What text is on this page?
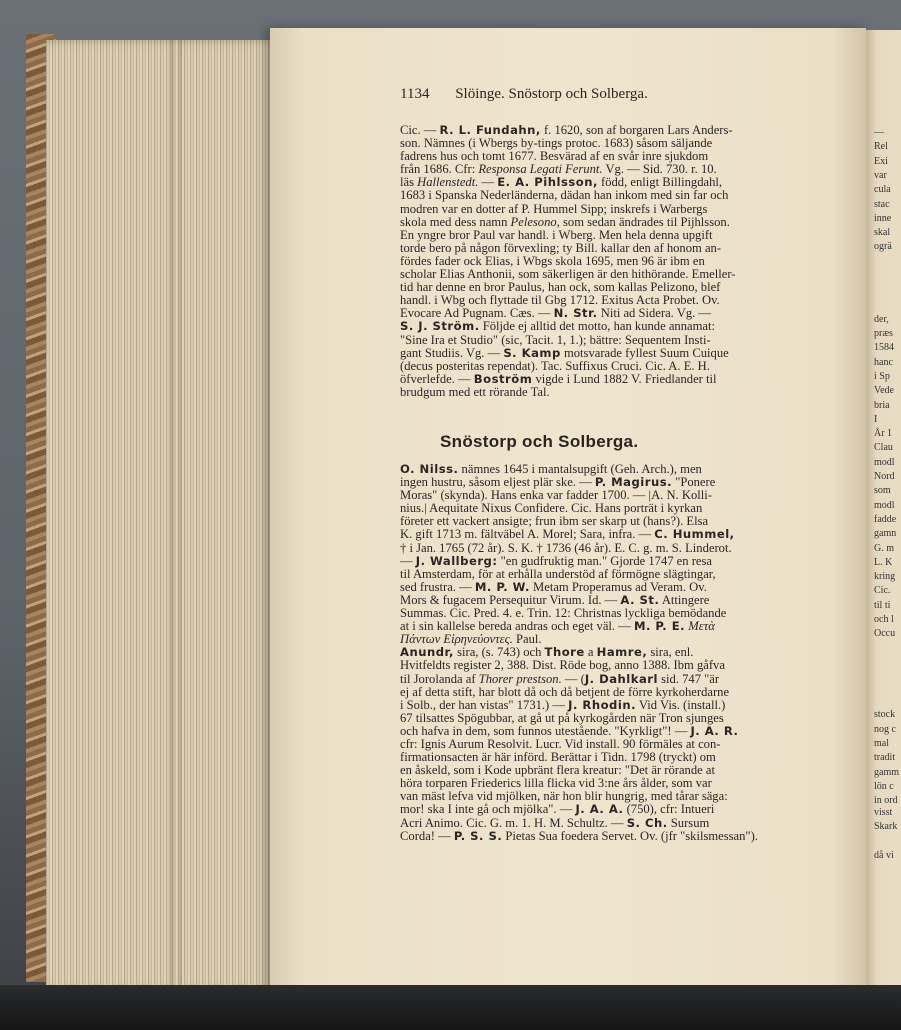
1134 Slöinge. Snöstorp och Solberga.
Cic. — R. L. Fundahn, f. 1620, son af borgaren Lars Anders-
son. Nämnes (i Wbergs by-tings protoc. 1683) såsom säljande
fadrens hus och tomt 1677. Besvärad af en svår inre sjukdom
från 1686. Cfr: Responsa Legati Ferunt. Vg. — Sid. 730. r. 10.
läs Hallenstedt. — E. A. Pihlsson, född, enligt Billingdahl,
1683 i Spanska Nederländerna, dädan han inkom med sin far och
modren var en dotter af P. Hummel Sipp; inskrefs i Warbergs
skola med dess namn Pelesono, som sedan ändrades til Pijhlsson.
En yngre bror Paul var handl. i Wberg. Men hela denna upgift
torde bero på någon förvexling; ty Bill. kallar den af honom an-
fördes fader ock Elias, i Wbgs skola 1695, men 96 är ibm en
scholar Elias Anthonii, som säkerligen är den hithörande. Emeller-
tid har denne en bror Paulus, han ock, som kallas Pelizono, blef
handl. i Wbg och flyttade til Gbg 1712. Exitus Acta Probet. Ov.
Evocare Ad Pugnam. Cæs. — N. Str. Niti ad Sidera. Vg. —
S. J. Ström. Följde ej alltid det motto, han kunde annamat:
"Sine Ira et Studio" (sic, Tacit. 1, 1.); bättre: Sequentem Insti-
gant Studiis. Vg. — S. Kamp motsvarade fyllest Suum Cuique
(decus posteritas rependat). Tac. Suffixus Cruci. Cic. A. E. H.
öfverlefde. — Boström vigde i Lund 1882 V. Friedlander til
brudgum med ett rörande Tal.
Snöstorp och Solberga.
O. Nilss. nämnes 1645 i mantalsupgift (Geh. Arch.), men
ingen hustru, såsom eljest plär ske. — P. Magirus. "Ponere
Moras" (skynda). Hans enka var fadder 1700. — |A. N. Kolli-
nius.| Aequitate Nixus Confidere. Cic. Hans porträt i kyrkan
företer ett vackert ansigte; frun ibm ser skarp ut (hans?). Elsa
K. gift 1713 m. fältväbel A. Morel; Sara, infra. — C. Hummel,
† i Jan. 1765 (72 år). S. K. † 1736 (46 år). E. C. g. m. S. Linderot.
— J. Wallberg: "en gudfruktig man." Gjorde 1747 en resa
til Amsterdam, för at erhålla understöd af förmögne slägtingar,
sed frustra. — M. P. W. Metam Properamus ad Veram. Ov.
Mors & fugacem Persequitur Virum. Id. — A. St. Attingere
Summas. Cic. Pred. 4. e. Trin. 12: Christnas lyckliga bemödande
at i sin kallelse bereda andras och eget väl. — M. P. E. Μετὰ
Πάντων Εἰρηνεύοντες. Paul.
Anundr, sira, (s. 743) och Thore a Hamre, sira, enl.
Hvitfeldts register 2, 388. Dist. Röde bog, anno 1388. Ibm gåfva
til Jorolanda af Thorer prestson. — (J. Dahlkarl sid. 747 "är
ej af detta stift, har blott då och då betjent de förre kyrkoherdarne
i Solb., der han vistas" 1731.) — J. Rhodin. Vid Vis. (install.)
67 tilsattes Spögubbar, at gå ut på kyrkogården när Tron sjunges
och hafva in dem, som funnos utestående. "Kyrkligt"! — J. A. R.
cfr: Ignis Aurum Resolvit. Lucr. Vid install. 90 förmäles at con-
firmationsacten är här införd. Berättar i Tidn. 1798 (tryckt) om
en åskeld, som i Kode upbränt flera kreatur: "Det är rörande at
höra torparen Friederics lilla flicka vid 3:ne års ålder, som var
van mäst lefva vid mjölken, när hon blir hungrig, med tårar säga:
mor! ska I inte gå och mjölka". — J. A. A. (750), cfr: Intueri
Acri Animo. Cic. G. m. 1. H. M. Schultz. — S. Ch. Sursum
Corda! — P. S. S. Pietas Sua foedera Servet. Ov. (jfr "skilsmessan").
—
Rel
Exi
var
cula
stac
inne
skal
ogrä
der,
præs
1584
hanc
i Sp
Vede
bria
I
År 1
Clau
modl
Nord
som
modl
fadde
gamn
G. m
L. K
kring
Cic.
til ti
och l
Occu
stock
nog c
mal
tradit
gamm
lön c
in ord
visst
Skark
då vi
